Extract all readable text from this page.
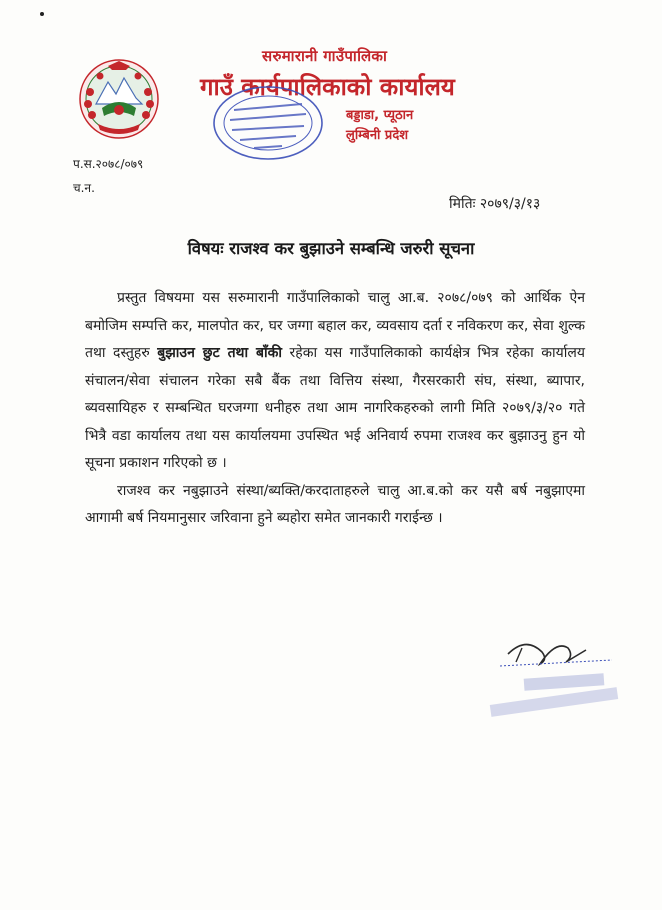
सरुमारानी गाउँपालिका
गाउँ कार्यपालिकाको कार्यालय
बड्डाडा, प्यूठान
लुम्बिनी प्रदेश
प.स.२०७८/०७९
च.न.
मितिः २०७९/३/१३
विषयः राजश्व कर बुझाउने सम्बन्धि जरुरी सूचना

प्रस्तुत विषयमा यस सरुमारानी गाउँपालिकाको चालु आ.ब. २०७८/०७९ को आर्थिक ऐन बमोजिम सम्पत्ति कर, मालपोत कर, घर जग्गा बहाल कर, व्यवसाय दर्ता र नविकरण कर, सेवा शुल्क तथा दस्तुहरु बुझाउन छुट तथा बाँकी रहेका यस गाउँपालिकाको कार्यक्षेत्र भित्र रहेका कार्यालय संचालन/सेवा संचालन गरेका सबै बैंक तथा वित्तिय संस्था, गैरसरकारी संघ, संस्था, ब्यापार, ब्यवसायिहरु र सम्बन्धित घरजग्गा धनीहरु तथा आम नागरिकहरुको लागी मिति २०७९/३/२० गते भित्रै वडा कार्यालय तथा यस कार्यालयमा उपस्थित भई अनिवार्य रुपमा राजश्व कर बुझाउनु हुन यो सूचना प्रकाशन गरिएको छ ।

राजश्व कर नबुझाउने संस्था/ब्यक्ति/करदाताहरुले चालु आ.ब.को कर यसै बर्ष नबुझाएमा आगामी बर्ष नियमानुसार जरिवाना हुने ब्यहोरा समेत जानकारी गराईन्छ ।
